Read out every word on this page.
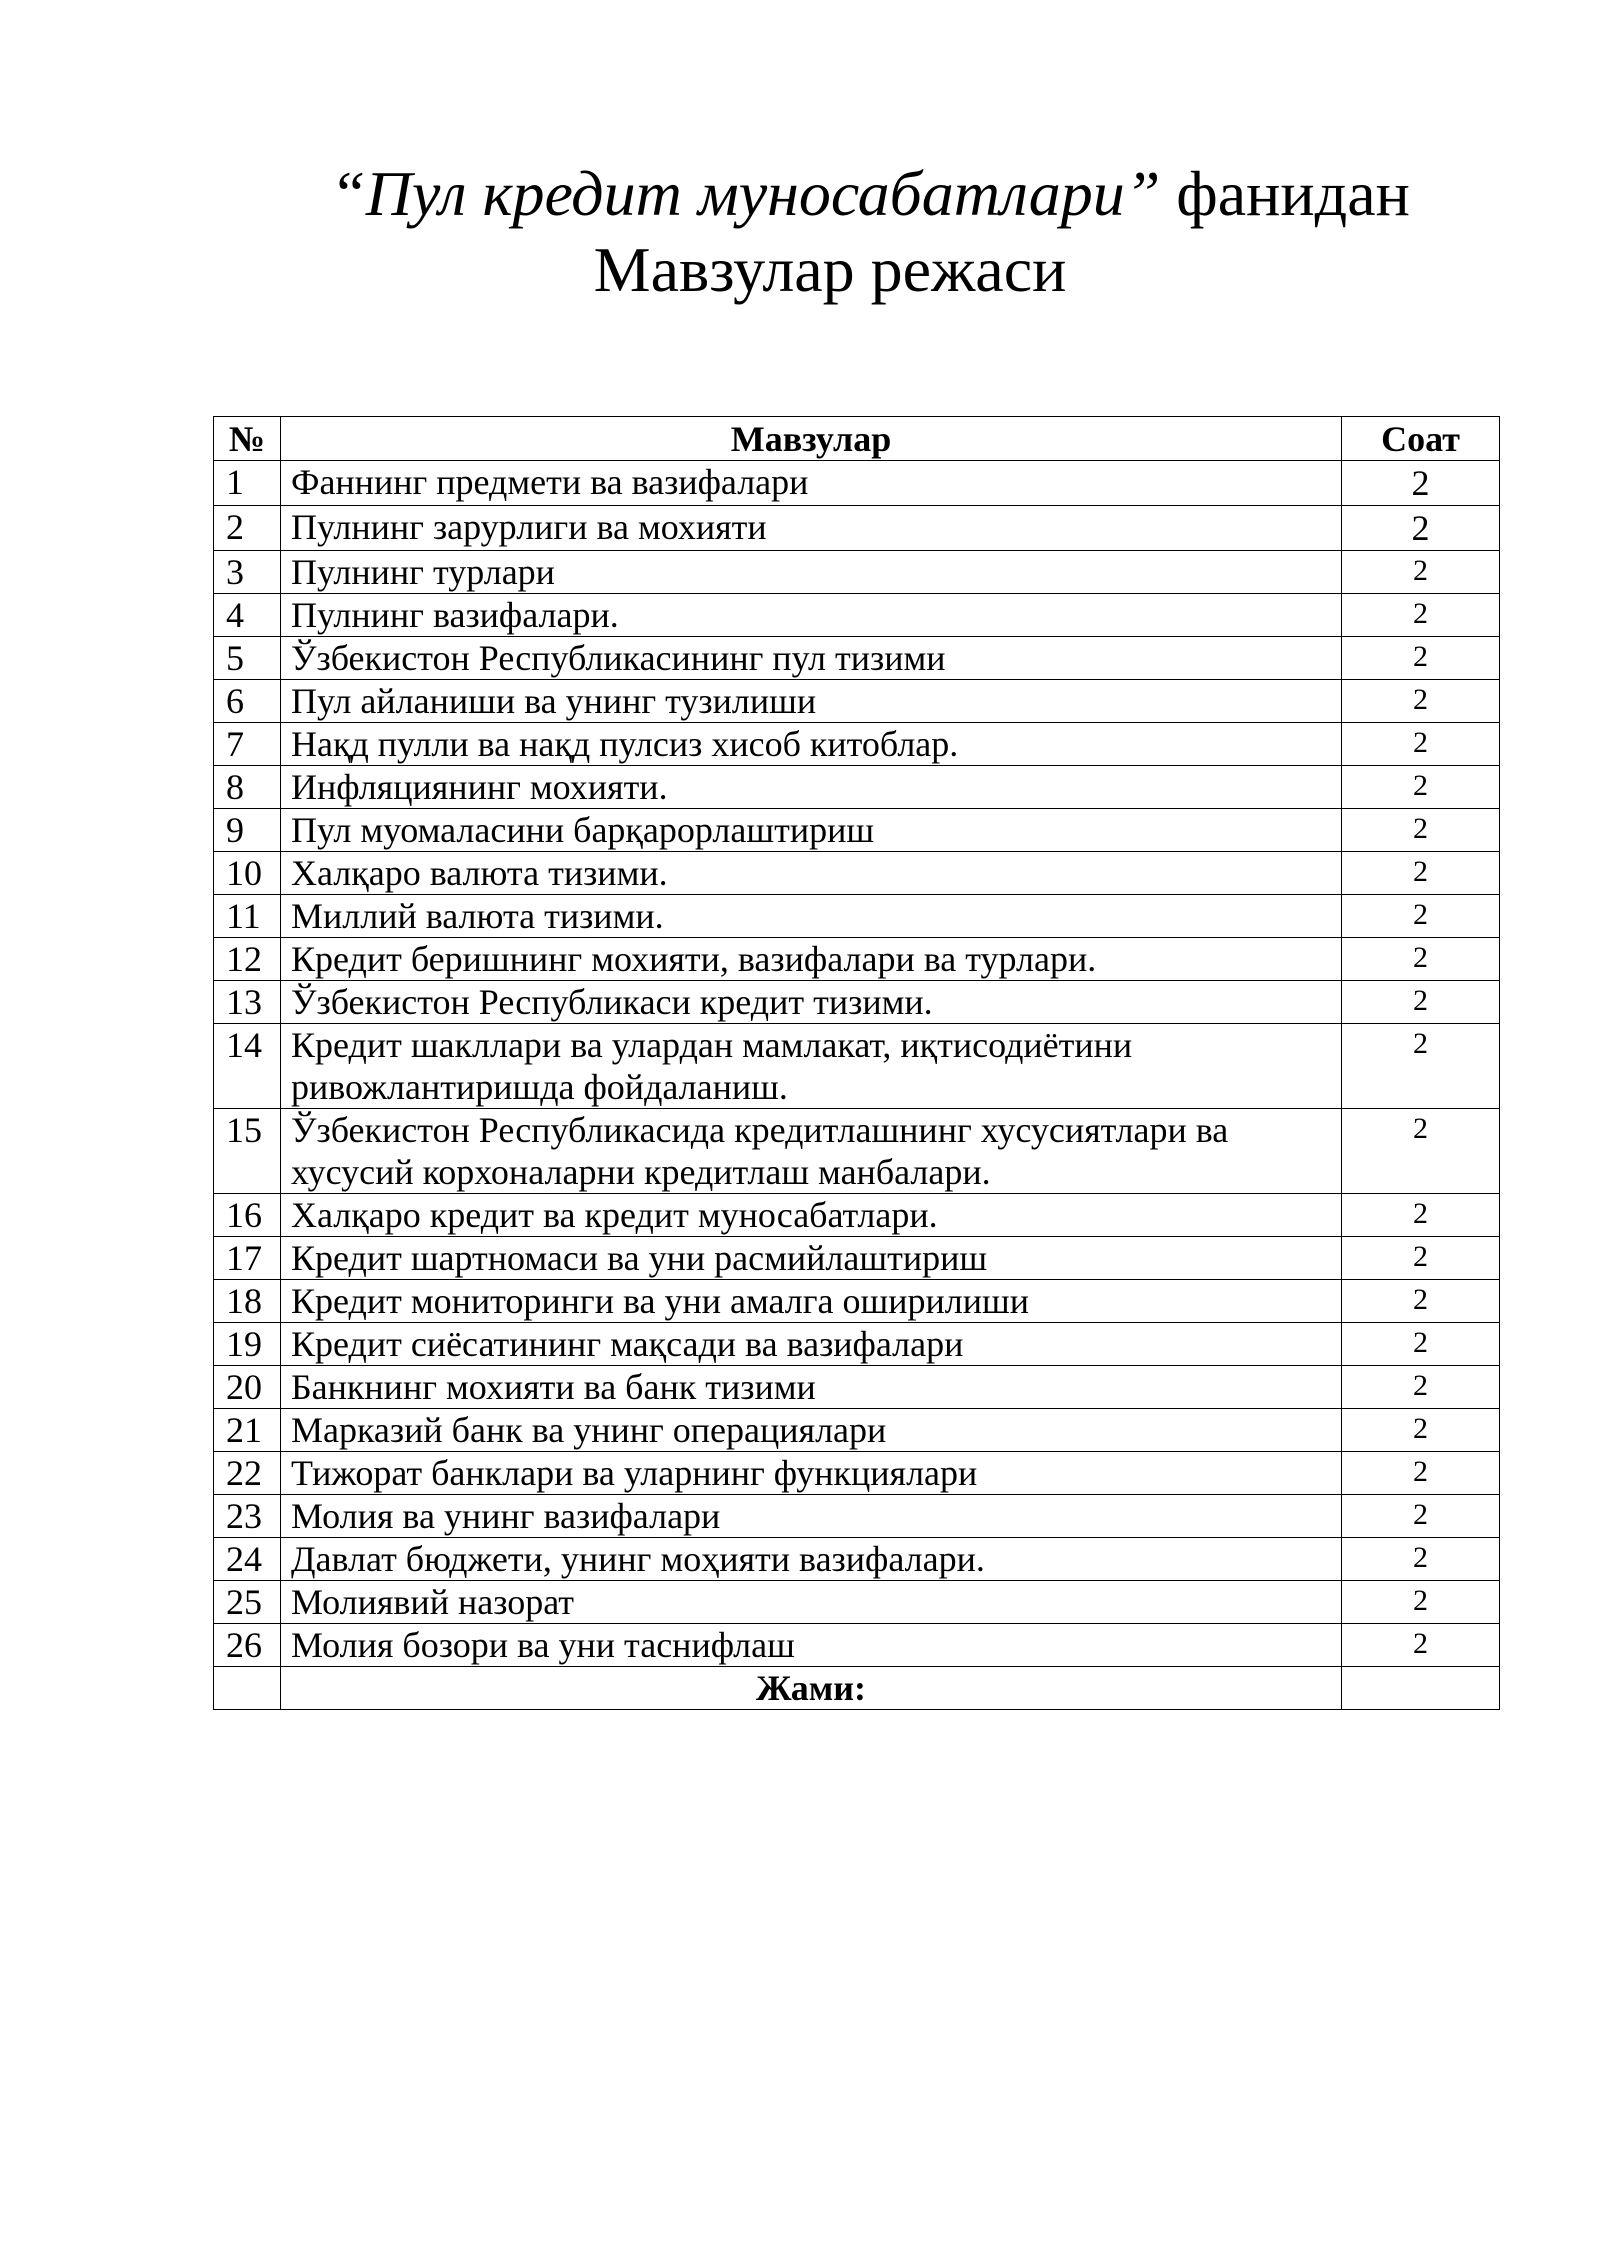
“Пул кредит муносабатлари” фанидан
Мавзулар режаси
№	Мавзулар	Соат
1	Фаннинг предмети ва вазифалари	2
2	Пулнинг зарурлиги ва мохияти	2
3	Пулнинг турлари	2
4	Пулнинг вазифалари.	2
5	Ўзбекистон Республикасининг пул тизими	2
6	Пул айланиши ва унинг тузилиши	2
7	Нақд пулли ва нақд пулсиз хисоб китоблар.	2
8	Инфляциянинг мохияти.	2
9	Пул муомаласини барқарорлаштириш	2
10	Халқаро валюта тизими.	2
11	Миллий валюта тизими.	2
12	Кредит беришнинг мохияти, вазифалари ва турлари.	2
13	Ўзбекистон Республикаси кредит тизими.	2
14	Кредит шакллари ва улардан мамлакат, иқтисодиётини ривожлантиришда фойдаланиш.	2
15	Ўзбекистон Республикасида кредитлашнинг хусусиятлари ва хусусий корхоналарни кредитлаш манбалари.	2
16	Халқаро кредит ва кредит муносабатлари.	2
17	Кредит шартномаси ва уни расмийлаштириш	2
18	Кредит мониторинги ва уни амалга оширилиши	2
19	Кредит сиёсатининг мақсади ва вазифалари	2
20	Банкнинг мохияти ва банк тизими	2
21	Марказий банк ва унинг операциялари	2
22	Тижорат банклари ва уларнинг функциялари	2
23	Молия ва унинг вазифалари	2
24	Давлат бюджети, унинг моҳияти вазифалари.	2
25	Молиявий назорат	2
26	Молия бозори ва уни таснифлаш	2
	Жами:	
